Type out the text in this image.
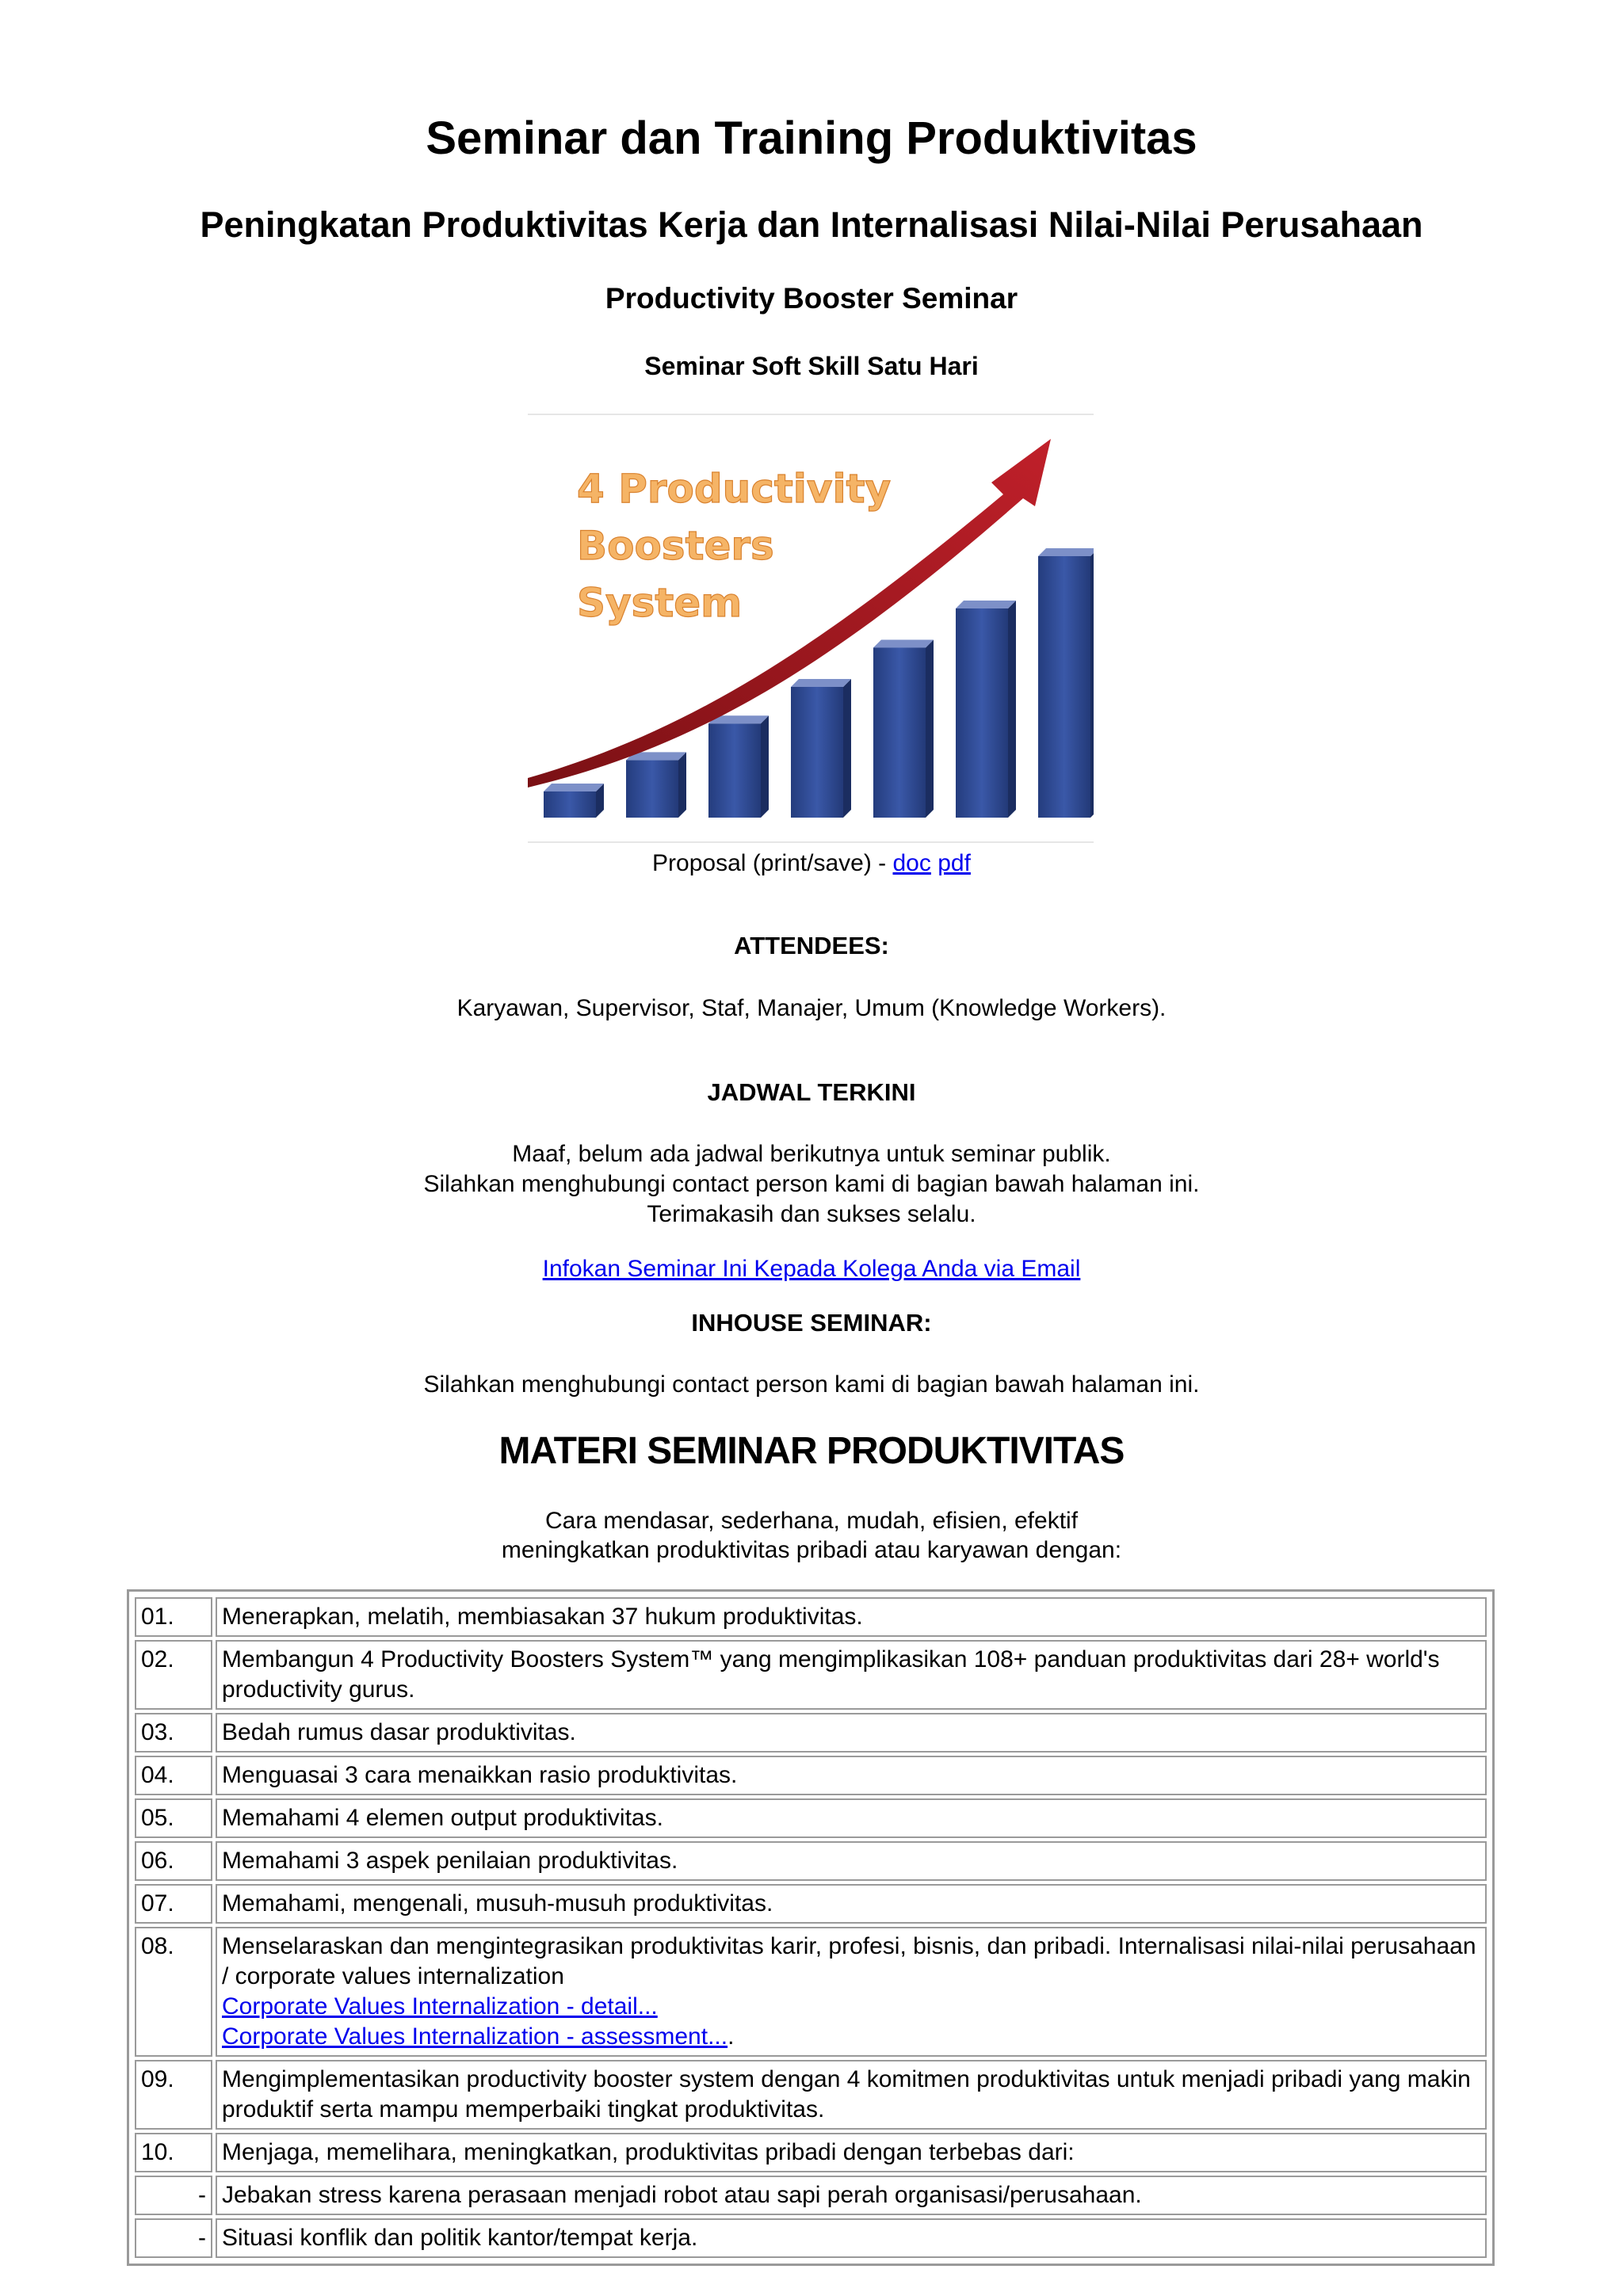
Seminar dan Training Produktivitas
Peningkatan Produktivitas Kerja dan Internalisasi Nilai-Nilai Perusahaan
Productivity Booster Seminar
Seminar Soft Skill Satu Hari
4 Productivity
Boosters
System
Proposal (print/save) - doc pdf
ATTENDEES:
Karyawan, Supervisor, Staf, Manajer, Umum (Knowledge Workers).
JADWAL TERKINI
Maaf, belum ada jadwal berikutnya untuk seminar publik.
Silahkan menghubungi contact person kami di bagian bawah halaman ini.
Terimakasih dan sukses selalu.
Infokan Seminar Ini Kepada Kolega Anda via Email
INHOUSE SEMINAR:
Silahkan menghubungi contact person kami di bagian bawah halaman ini.
MATERI SEMINAR PRODUKTIVITAS
Cara mendasar, sederhana, mudah, efisien, efektif
meningkatkan produktivitas pribadi atau karyawan dengan:
01.	Menerapkan, melatih, membiasakan 37 hukum produktivitas.
02.	Membangun 4 Productivity Boosters System™ yang mengimplikasikan 108+ panduan produktivitas dari 28+ world's productivity gurus.
03.	Bedah rumus dasar produktivitas.
04.	Menguasai 3 cara menaikkan rasio produktivitas.
05.	Memahami 4 elemen output produktivitas.
06.	Memahami 3 aspek penilaian produktivitas.
07.	Memahami, mengenali, musuh-musuh produktivitas.
08.	Menselaraskan dan mengintegrasikan produktivitas karir, profesi, bisnis, dan pribadi. Internalisasi nilai-nilai perusahaan / corporate values internalization
Corporate Values Internalization - detail...
Corporate Values Internalization - assessment....
09.	Mengimplementasikan productivity booster system dengan 4 komitmen produktivitas untuk menjadi pribadi yang makin produktif serta mampu memperbaiki tingkat produktivitas.
10.	Menjaga, memelihara, meningkatkan, produktivitas pribadi dengan terbebas dari:
-	Jebakan stress karena perasaan menjadi robot atau sapi perah organisasi/perusahaan.
-	Situasi konflik dan politik kantor/tempat kerja.
